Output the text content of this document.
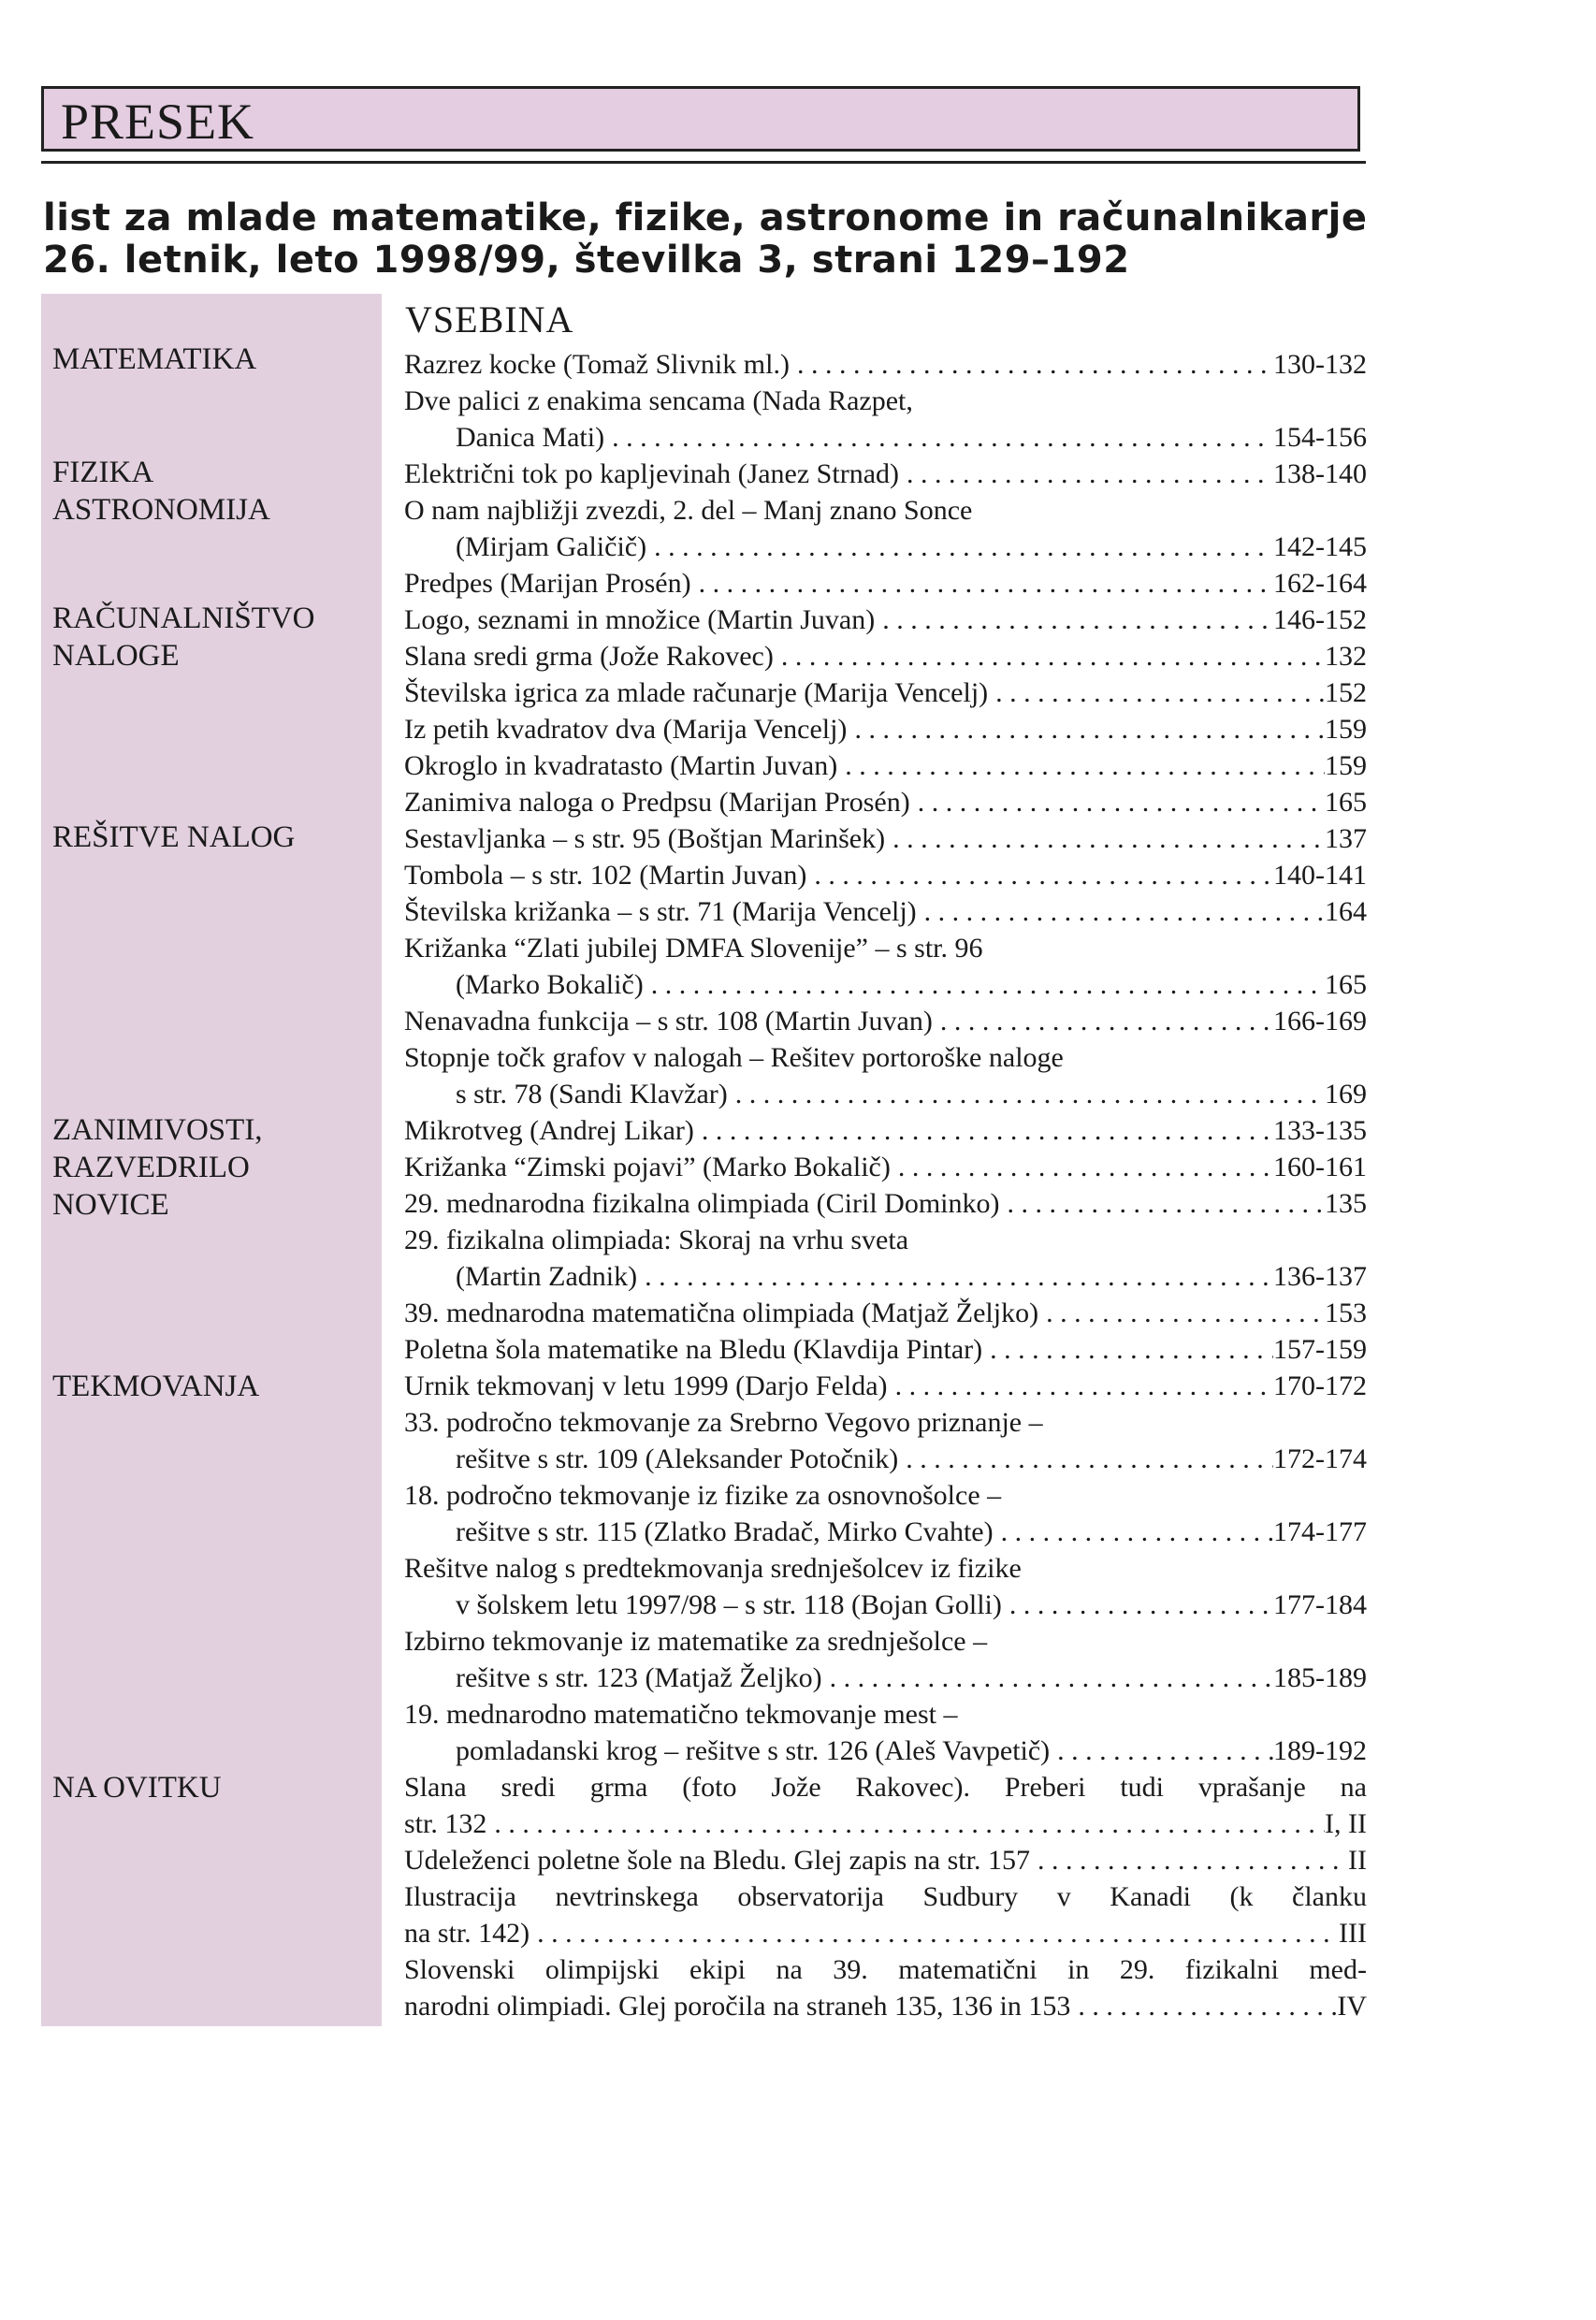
PRESEK
list za mlade matematike, fizike, astronome in računalnikarje
26. letnik, leto 1998/99, številka 3, strani 129–192
MATEMATIKA
FIZIKA
ASTRONOMIJA
RAČUNALNIŠTVO
NALOGE
REŠITVE NALOG
ZANIMIVOSTI,
RAZVEDRILO
NOVICE
TEKMOVANJA
NA OVITKU
VSEBINA
Razrez kocke (Tomaž Slivnik ml.) . . .	130-132
Dve palici z enakima sencama (Nada Razpet,
Danica Mati) . . .	154-156
Električni tok po kapljevinah (Janez Strnad) . . .	138-140
O nam najbližji zvezdi, 2. del – Manj znano Sonce
(Mirjam Galičič) . . .	142-145
Predpes (Marijan Prosén) . . .	162-164
Logo, seznami in množice (Martin Juvan) . . .	146-152
Slana sredi grma (Jože Rakovec) . . .	132
Številska igrica za mlade računarje (Marija Vencelj) . . .	152
Iz petih kvadratov dva (Marija Vencelj) . . .	159
Okroglo in kvadratasto (Martin Juvan) . . .	159
Zanimiva naloga o Predpsu (Marijan Prosén) . . .	165
Sestavljanka – s str. 95 (Boštjan Marinšek) . . .	137
Tombola – s str. 102 (Martin Juvan) . . .	140-141
Številska križanka – s str. 71 (Marija Vencelj) . . .	164
Križanka “Zlati jubilej DMFA Slovenije” – s str. 96
(Marko Bokalič) . . .	165
Nenavadna funkcija – s str. 108 (Martin Juvan) . . .	166-169
Stopnje točk grafov v nalogah – Rešitev portoroške naloge
s str. 78 (Sandi Klavžar) . . .	169
Mikrotveg (Andrej Likar) . . .	133-135
Križanka “Zimski pojavi” (Marko Bokalič) . . .	160-161
29. mednarodna fizikalna olimpiada (Ciril Dominko) . . .	135
29. fizikalna olimpiada: Skoraj na vrhu sveta
(Martin Zadnik) . . .	136-137
39. mednarodna matematična olimpiada (Matjaž Željko) . . .	153
Poletna šola matematike na Bledu (Klavdija Pintar) . . .	157-159
Urnik tekmovanj v letu 1999 (Darjo Felda) . . .	170-172
33. področno tekmovanje za Srebrno Vegovo priznanje –
rešitve s str. 109 (Aleksander Potočnik) . . .	172-174
18. področno tekmovanje iz fizike za osnovnošolce –
rešitve s str. 115 (Zlatko Bradač, Mirko Cvahte) . . .	174-177
Rešitve nalog s predtekmovanja srednješolcev iz fizike
v šolskem letu 1997/98 – s str. 118 (Bojan Golli) . . .	177-184
Izbirno tekmovanje iz matematike za srednješolce –
rešitve s str. 123 (Matjaž Željko) . . .	185-189
19. mednarodno matematično tekmovanje mest –
pomladanski krog – rešitve s str. 126 (Aleš Vavpetič) . . .	189-192
Slana sredi grma (foto Jože Rakovec). Preberi tudi vprašanje na
str. 132 . . .	I, II
Udeleženci poletne šole na Bledu. Glej zapis na str. 157 . . .	II
Ilustracija nevtrinskega observatorija Sudbury v Kanadi (k članku
na str. 142) . . .	III
Slovenski olimpijski ekipi na 39. matematični in 29. fizikalni med-
narodni olimpiadi. Glej poročila na straneh 135, 136 in 153 . . .	IV
